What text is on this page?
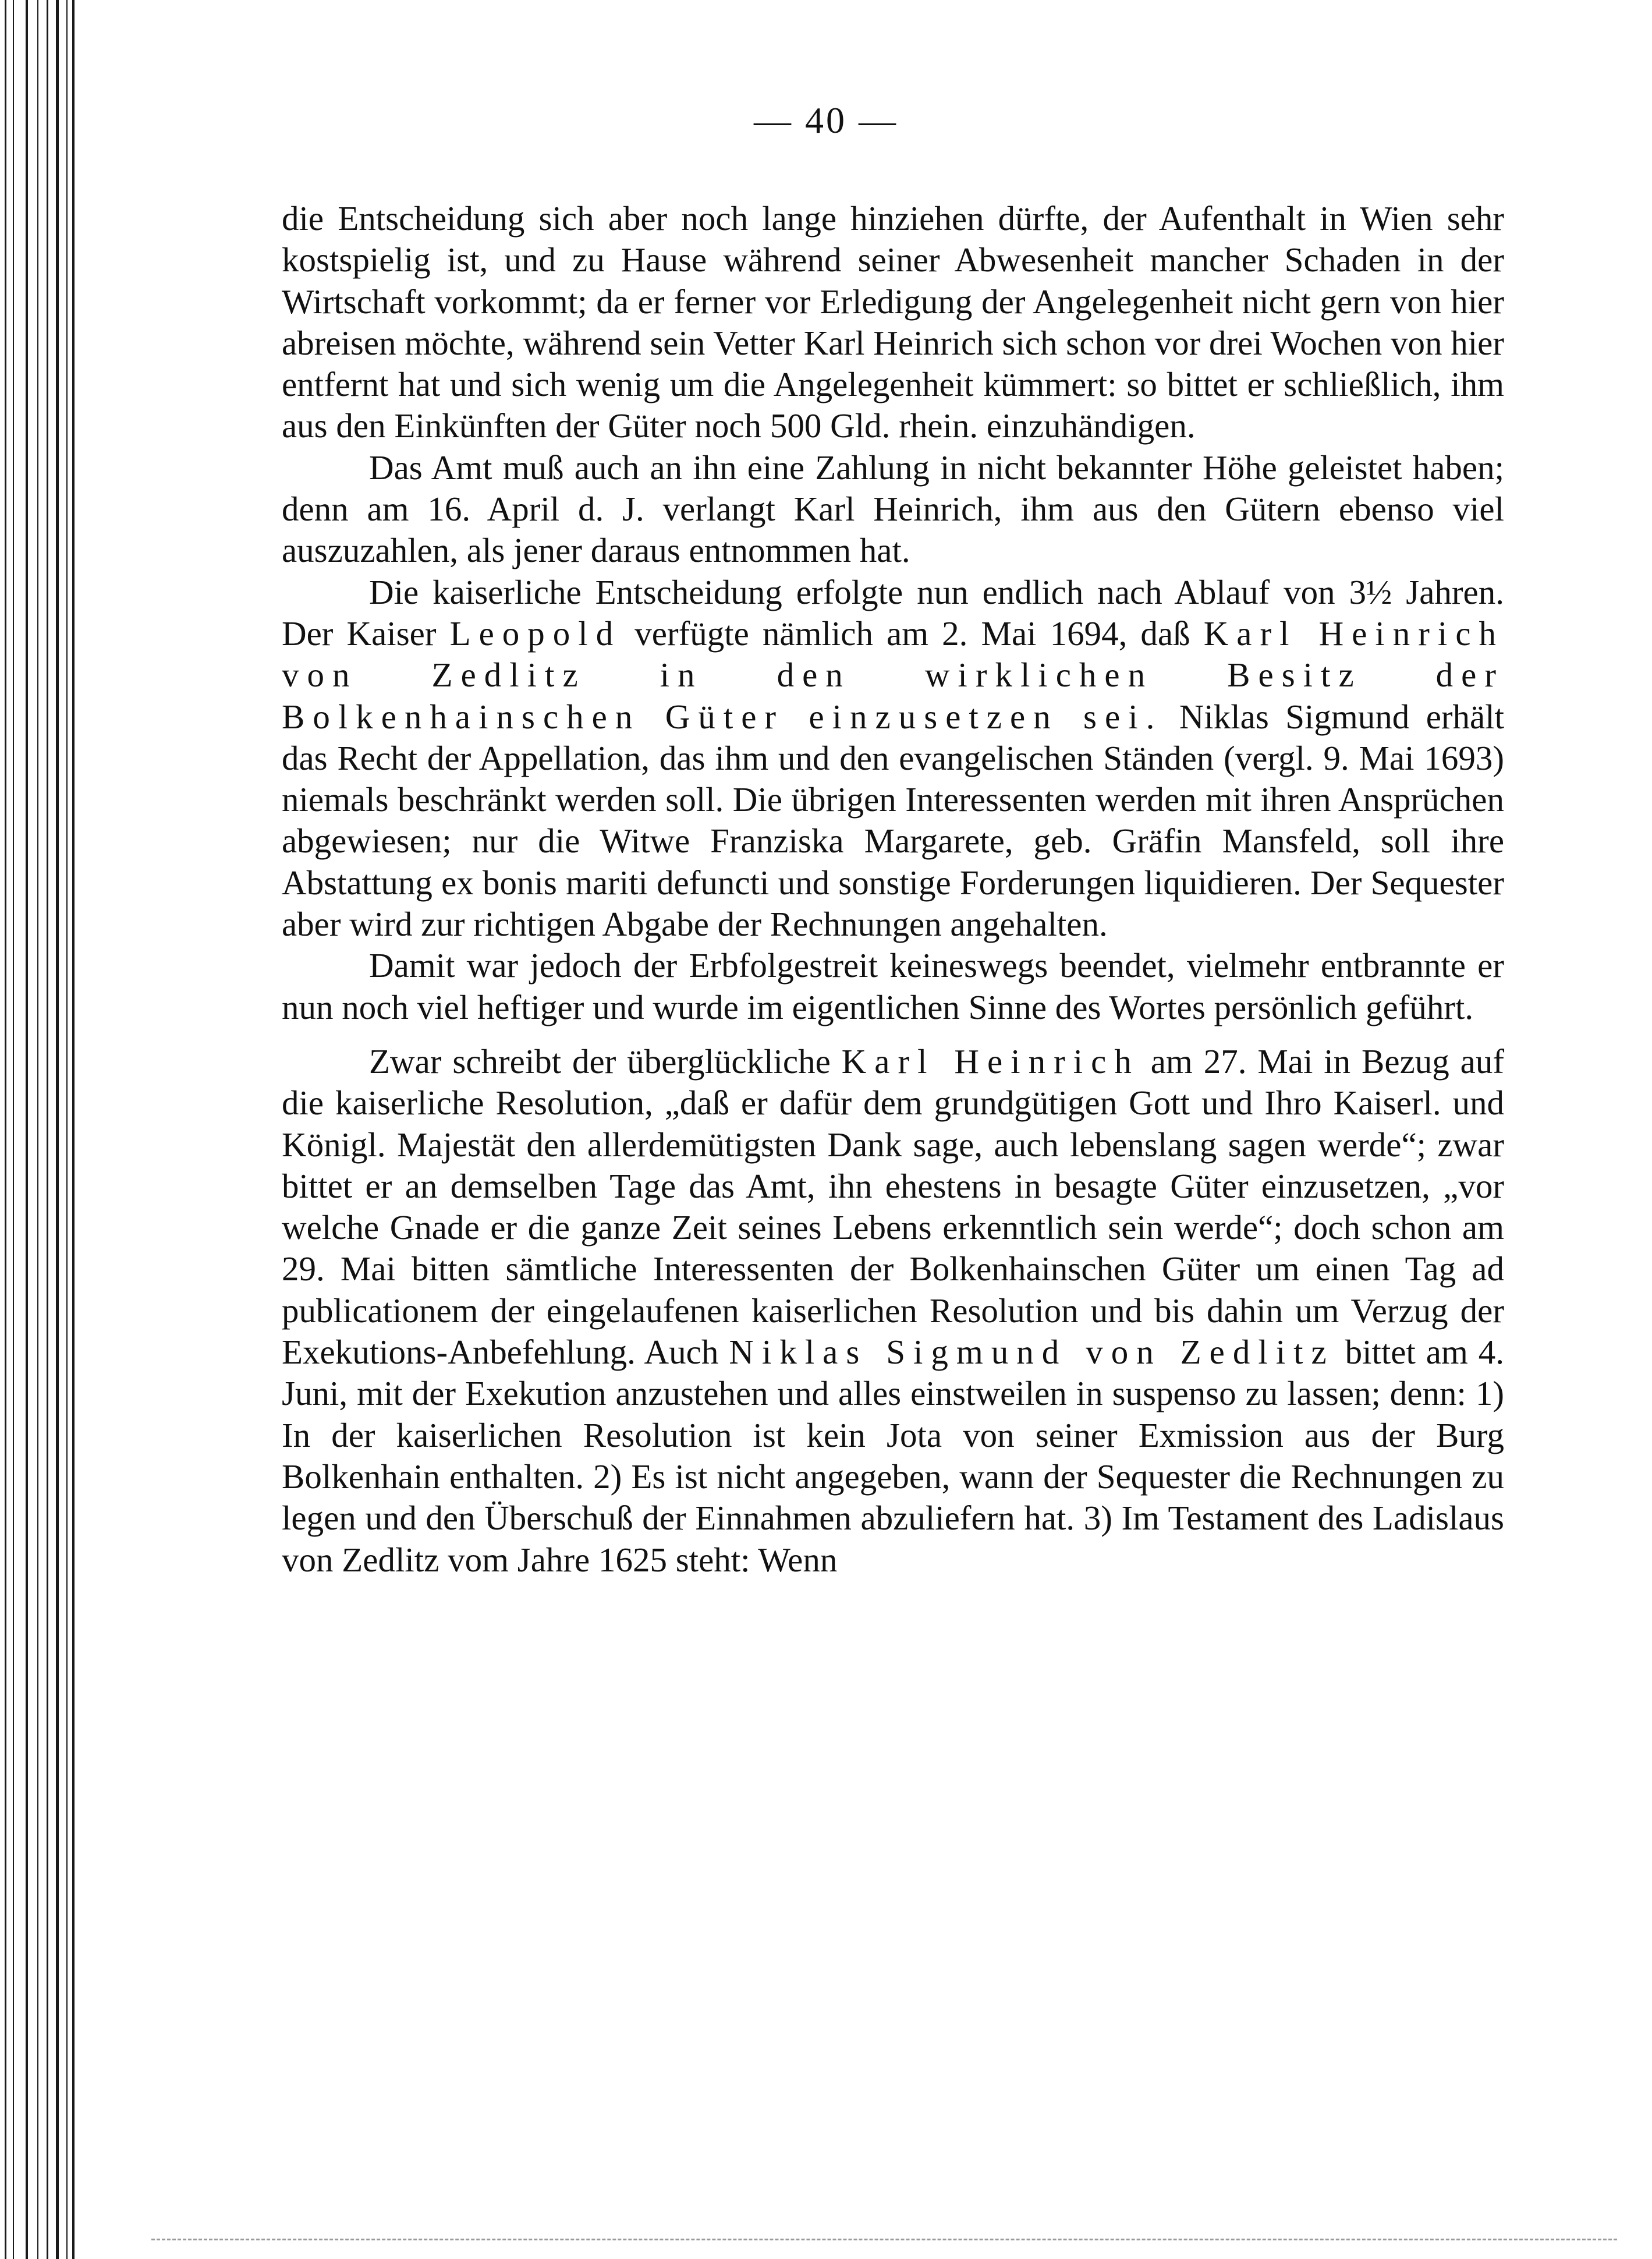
— 40 —

die Entscheidung sich aber noch lange hinziehen dürfte, der Aufenthalt in Wien sehr kostspielig ist, und zu Hause während seiner Abwesenheit mancher Schaden in der Wirtschaft vorkommt; da er ferner vor Erledigung der Angelegenheit nicht gern von hier abreisen möchte, während sein Vetter Karl Heinrich sich schon vor drei Wochen von hier entfernt hat und sich wenig um die Angelegenheit kümmert: so bittet er schließlich, ihm aus den Einkünften der Güter noch 500 Gld. rhein. einzuhändigen.

Das Amt muß auch an ihn eine Zahlung in nicht bekannter Höhe geleistet haben; denn am 16. April d. J. verlangt Karl Heinrich, ihm aus den Gütern ebenso viel auszuzahlen, als jener daraus entnommen hat.

Die kaiserliche Entscheidung erfolgte nun endlich nach Ablauf von 3½ Jahren. Der Kaiser Leopold verfügte nämlich am 2. Mai 1694, daß Karl Heinrich von Zedlitz in den wirklichen Besitz der Bolkenhainschen Güter einzusetzen sei. Niklas Sigmund erhält das Recht der Appellation, das ihm und den evangelischen Ständen (vergl. 9. Mai 1693) niemals beschränkt werden soll. Die übrigen Interessenten werden mit ihren Ansprüchen abgewiesen; nur die Witwe Franziska Margarete, geb. Gräfin Mansfeld, soll ihre Abstattung ex bonis mariti defuncti und sonstige Forderungen liquidieren. Der Sequester aber wird zur richtigen Abgabe der Rechnungen angehalten.

Damit war jedoch der Erbfolgestreit keineswegs beendet, vielmehr entbrannte er nun noch viel heftiger und wurde im eigentlichen Sinne des Wortes persönlich geführt.

Zwar schreibt der überglückliche Karl Heinrich am 27. Mai in Bezug auf die kaiserliche Resolution, „daß er dafür dem grundgütigen Gott und Ihro Kaiserl. und Königl. Majestät den allerdemütigsten Dank sage, auch lebenslang sagen werde“; zwar bittet er an demselben Tage das Amt, ihn ehestens in besagte Güter einzusetzen, „vor welche Gnade er die ganze Zeit seines Lebens erkenntlich sein werde“; doch schon am 29. Mai bitten sämtliche Interessenten der Bolkenhainschen Güter um einen Tag ad publicationem der eingelaufenen kaiserlichen Resolution und bis dahin um Verzug der Exekutions-Anbefehlung. Auch Niklas Sigmund von Zedlitz bittet am 4. Juni, mit der Exekution anzustehen und alles einstweilen in suspenso zu lassen; denn: 1) In der kaiserlichen Resolution ist kein Jota von seiner Exmission aus der Burg Bolkenhain enthalten. 2) Es ist nicht angegeben, wann der Sequester die Rechnungen zu legen und den Überschuß der Einnahmen abzuliefern hat. 3) Im Testament des Ladislaus von Zedlitz vom Jahre 1625 steht: Wenn
